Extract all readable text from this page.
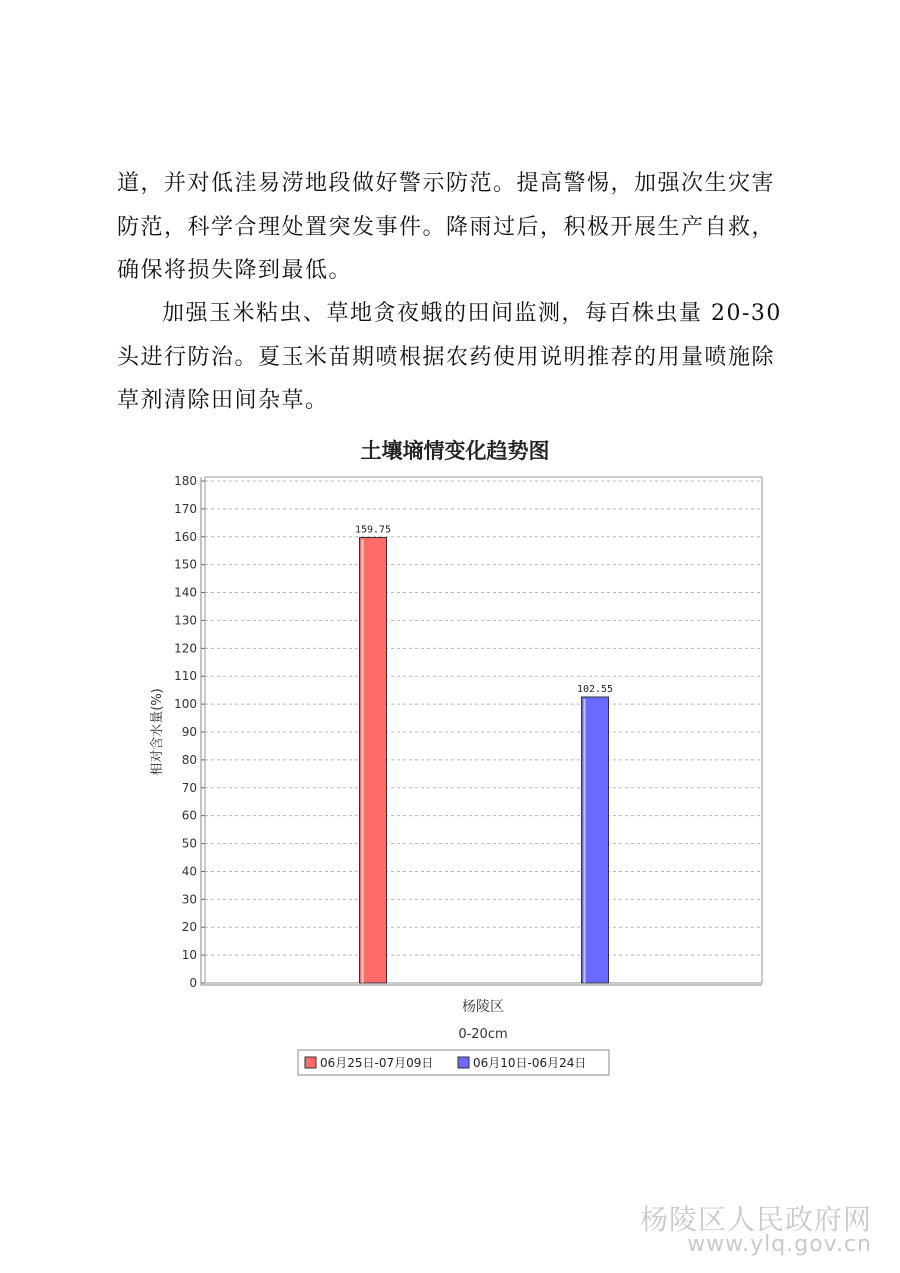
道，并对低洼易涝地段做好警示防范。提高警惕，加强次生灾害防范，科学合理处置突发事件。降雨过后，积极开展生产自救，确保将损失降到最低。

加强玉米粘虫、草地贪夜蛾的田间监测，每百株虫量 20-30 头进行防治。夏玉米苗期喷根据农药使用说明推荐的用量喷施除草剂清除田间杂草。

土壤墒情变化趋势图
相对含水量(%)
0
10
20
30
40
50
60
70
80
90
100
110
120
130
140
150
160
170
180
159.75
102.55
杨陵区
0-20cm
06月25日-07月09日	06月10日-06月24日
杨陵区人民政府网
www.ylq.gov.cn
